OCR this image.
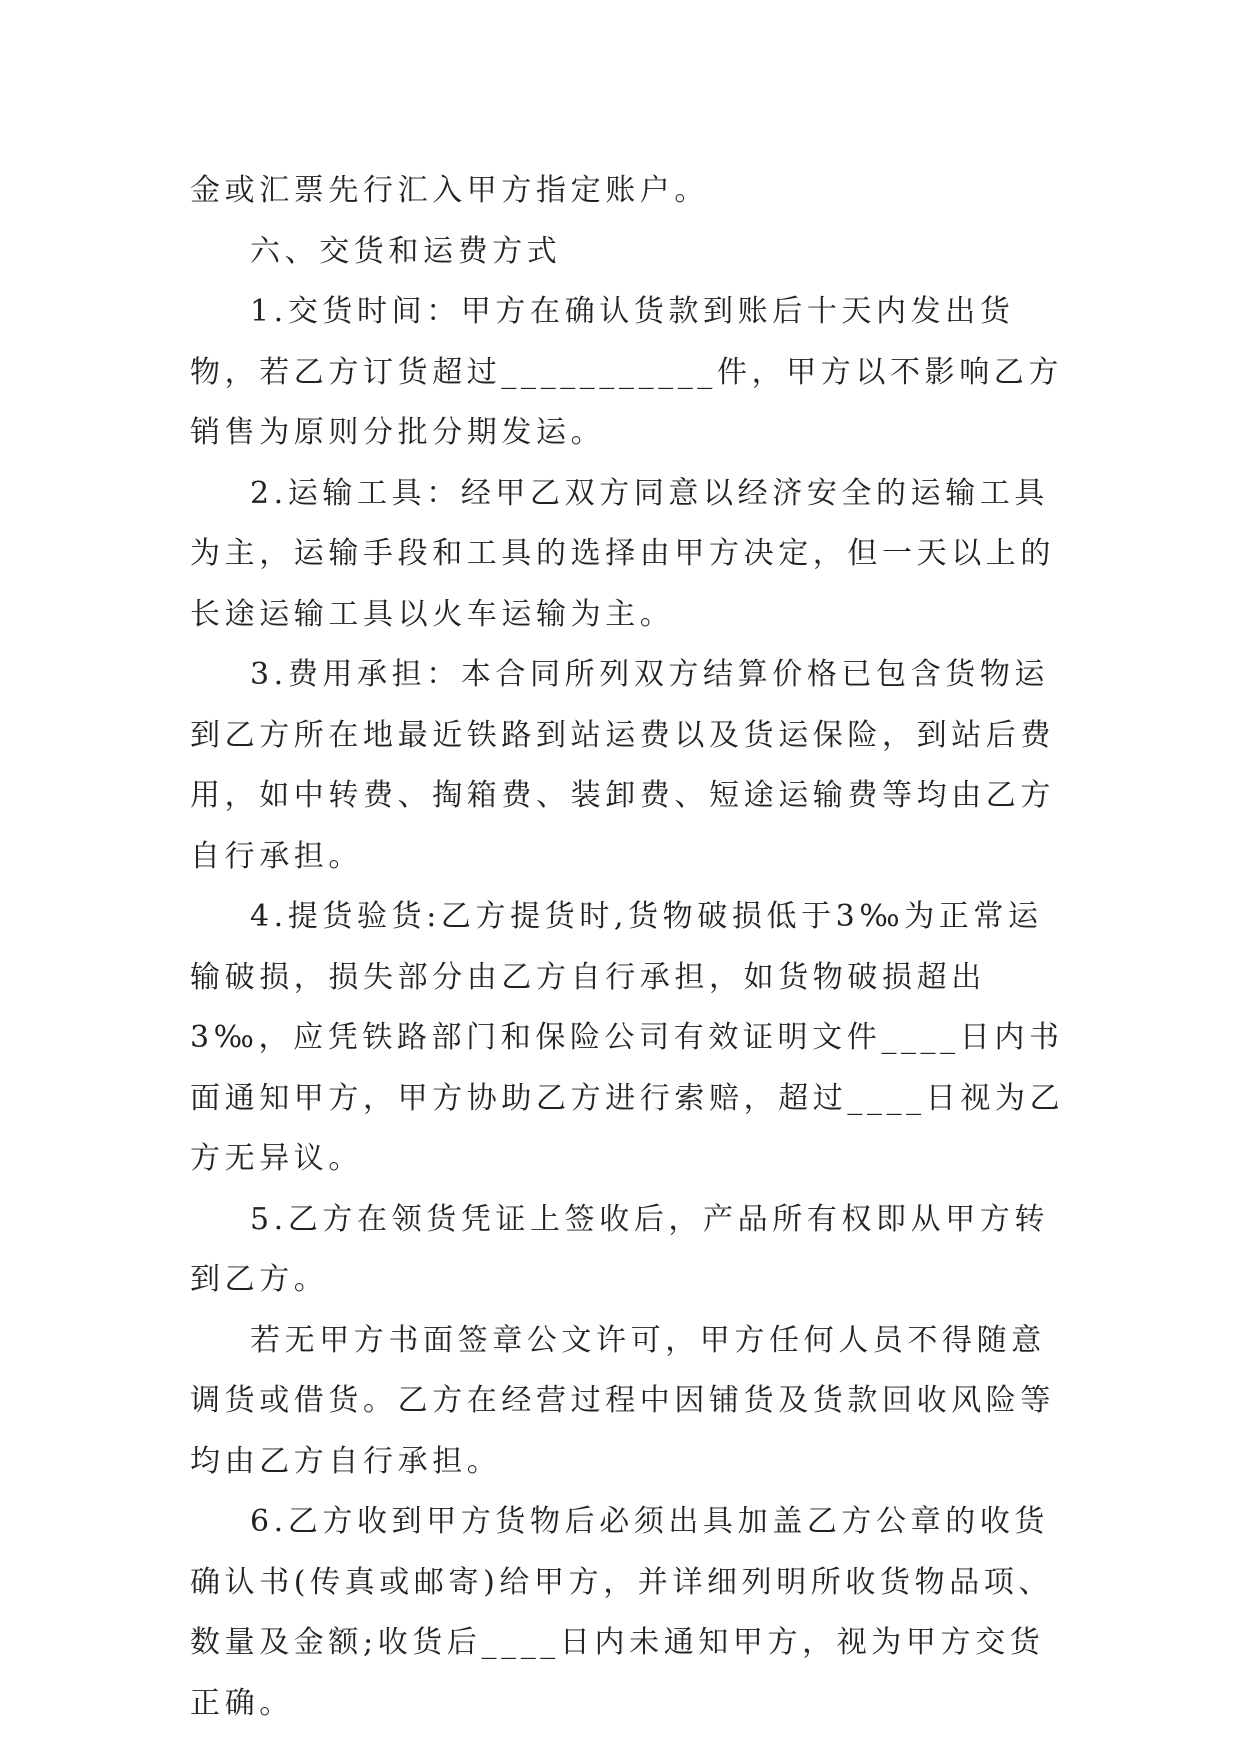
金或汇票先行汇入甲方指定账户。

六、交货和运费方式

1.交货时间：甲方在确认货款到账后十天内发出货物，若乙方订货超过___________件，甲方以不影响乙方销售为原则分批分期发运。

2.运输工具：经甲乙双方同意以经济安全的运输工具为主，运输手段和工具的选择由甲方决定，但一天以上的长途运输工具以火车运输为主。

3.费用承担：本合同所列双方结算价格已包含货物运到乙方所在地最近铁路到站运费以及货运保险，到站后费用，如中转费、掏箱费、装卸费、短途运输费等均由乙方自行承担。

4.提货验货:乙方提货时,货物破损低于3‰为正常运输破损，损失部分由乙方自行承担，如货物破损超出3‰，应凭铁路部门和保险公司有效证明文件____日内书面通知甲方，甲方协助乙方进行索赔，超过____日视为乙方无异议。

5.乙方在领货凭证上签收后，产品所有权即从甲方转到乙方。

若无甲方书面签章公文许可，甲方任何人员不得随意调货或借货。乙方在经营过程中因铺货及货款回收风险等均由乙方自行承担。

6.乙方收到甲方货物后必须出具加盖乙方公章的收货确认书(传真或邮寄)给甲方，并详细列明所收货物品项、数量及金额;收货后____日内未通知甲方，视为甲方交货正确。
